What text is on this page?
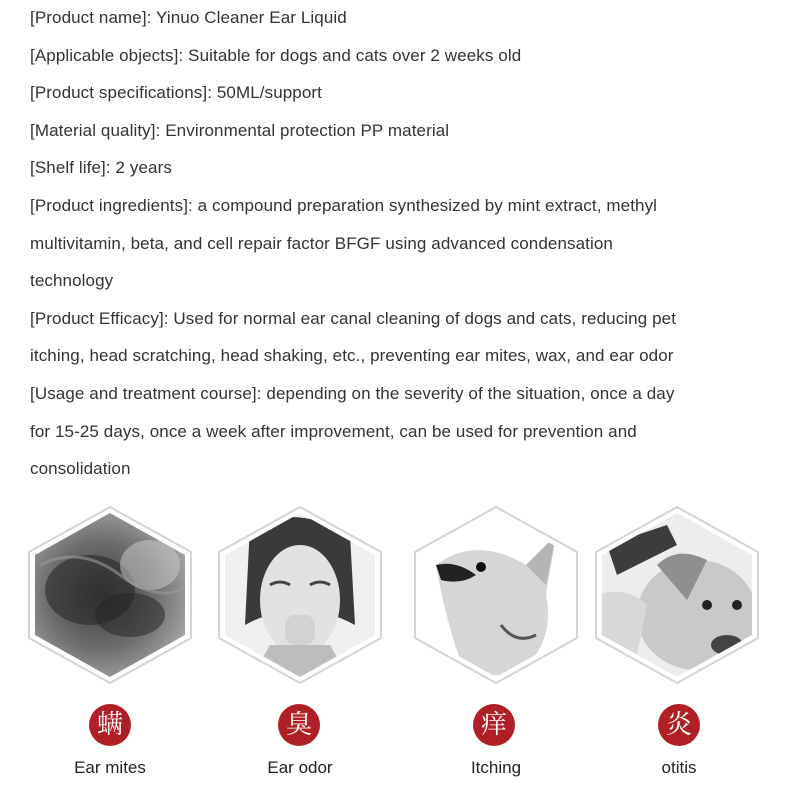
[Product name]: Yinuo Cleaner Ear Liquid
[Applicable objects]: Suitable for dogs and cats over 2 weeks old
[Product specifications]: 50ML/support
[Material quality]: Environmental protection PP material
[Shelf life]: 2 years
[Product ingredients]: a compound preparation synthesized by mint extract, methyl
multivitamin, beta, and cell repair factor BFGF using advanced condensation
technology
[Product Efficacy]: Used for normal ear canal cleaning of dogs and cats, reducing pet
itching, head scratching, head shaking, etc., preventing ear mites, wax, and ear odor
[Usage and treatment course]: depending on the severity of the situation, once a day
for 15-25 days, once a week after improvement, can be used for prevention and
consolidation
螨
Ear mites
臭
Ear odor
痒
Itching
炎
otitis
